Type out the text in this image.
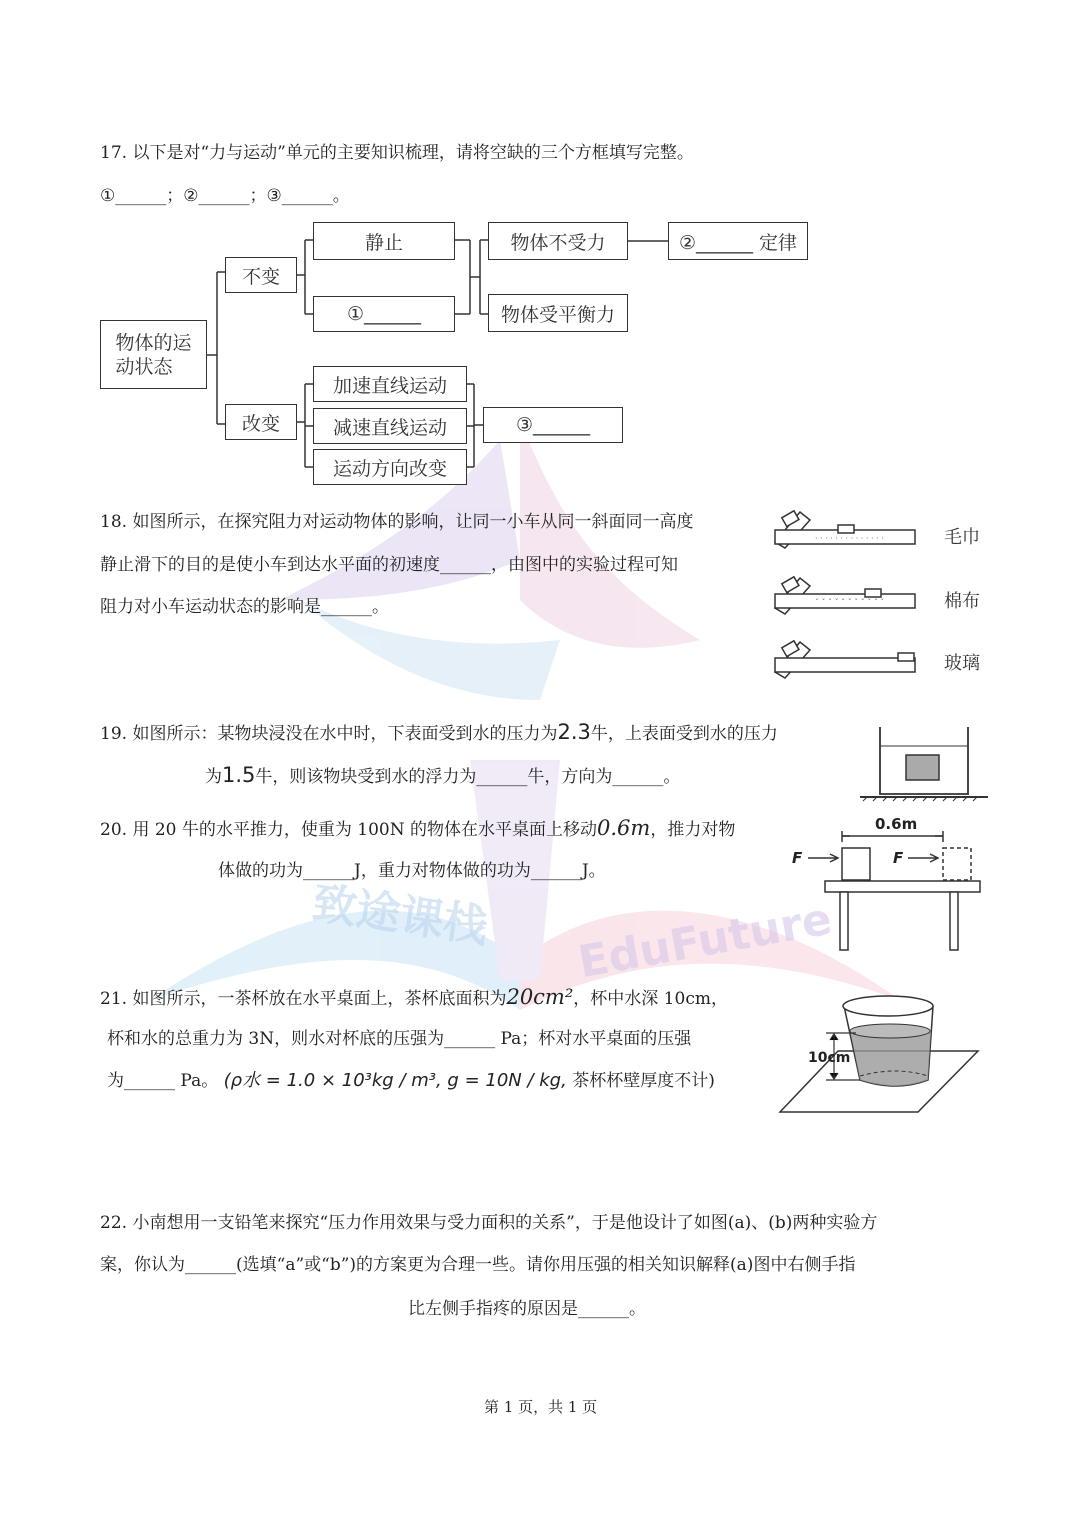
致途课栈 EduFuture
17. 以下是对“力与运动”单元的主要知识梳理，请将空缺的三个方框填写完整。
①______；②______；③______。
物体的运
动状态
不变
改变
静止
①______
物体不受力	②______ 定律
物体受平衡力
加速直线运动
减速直线运动
运动方向改变
③______
18. 如图所示，在探究阻力对运动物体的影响，让同一小车从同一斜面同一高度
静止滑下的目的是使小车到达水平面的初速度______，由图中的实验过程可知
阻力对小车运动状态的影响是______。
· · · · · · · · · · · · · ·
ˇ ˇ ˇ ˇ ˇ ˇ ˇ ˇ ˇ ˇ ˇ
毛巾
棉布
玻璃
19. 如图所示：某物块浸没在水中时，下表面受到水的压力为2.3牛，上表面受到水的压力
为1.5牛，则该物块受到水的浮力为______牛，方向为______。
20. 用 20 牛的水平推力，使重为 100N 的物体在水平桌面上移动0.6m，推力对物
体做的功为______J，重力对物体做的功为______J。
0.6m
F	F
21. 如图所示，一茶杯放在水平桌面上，茶杯底面积为20cm²，杯中水深 10cm，
杯和水的总重力为 3N，则水对杯底的压强为______ Pa；杯对水平桌面的压强
为______ Pa。 (ρ水 = 1.0 × 10³kg / m³, g = 10N / kg, 茶杯杯壁厚度不计)
10cm
22. 小南想用一支铅笔来探究“压力作用效果与受力面积的关系”，于是他设计了如图(a)、(b)两种实验方
案，你认为______(选填“a”或“b”)的方案更为合理一些。请你用压强的相关知识解释(a)图中右侧手指
比左侧手指疼的原因是______。
第 1 页，共 1 页
